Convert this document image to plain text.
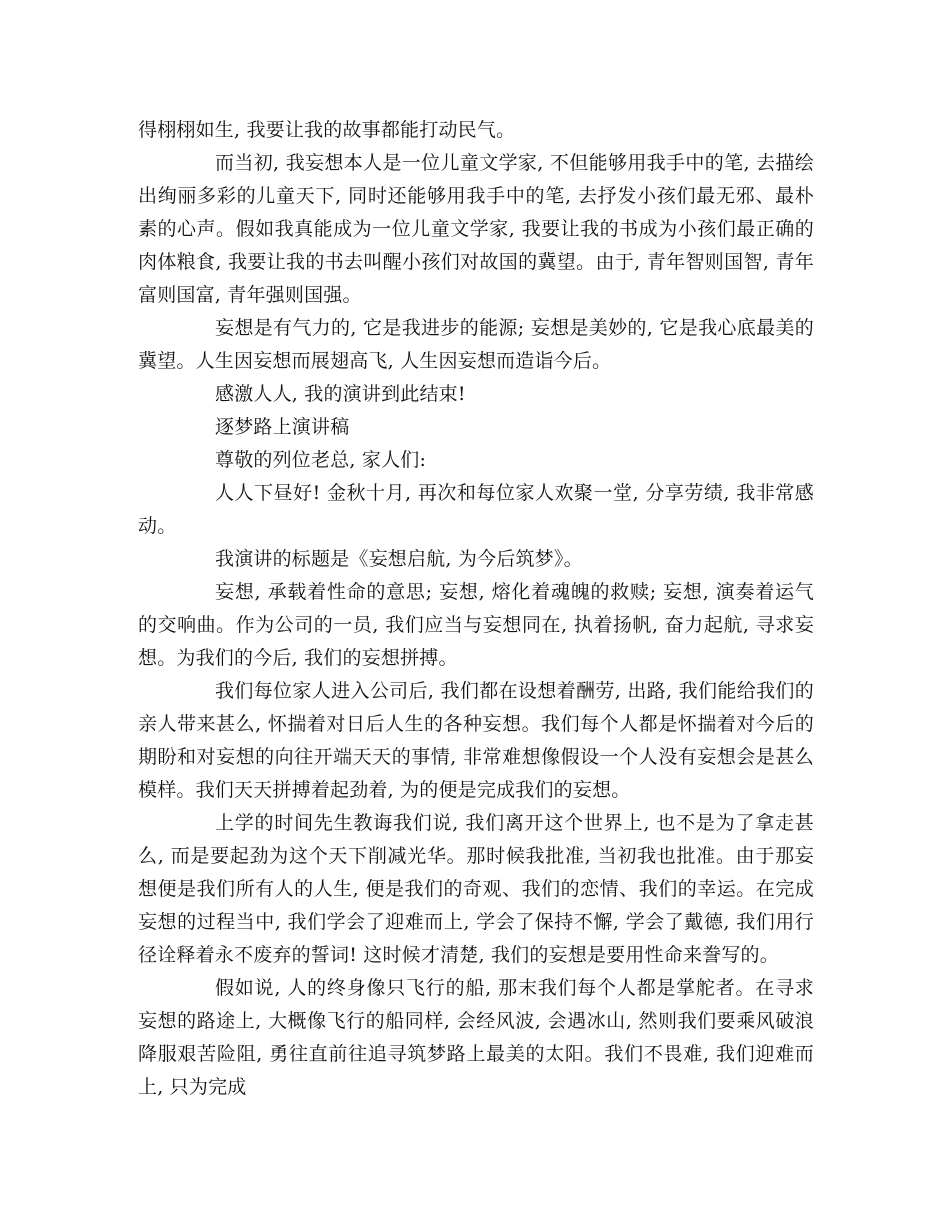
得栩栩如生, 我要让我的故事都能打动民气。

而当初, 我妄想本人是一位儿童文学家, 不但能够用我手中的笔, 去描绘出绚丽多彩的儿童天下, 同时还能够用我手中的笔, 去抒发小孩们最无邪、最朴素的心声。假如我真能成为一位儿童文学家, 我要让我的书成为小孩们最正确的肉体粮食, 我要让我的书去叫醒小孩们对故国的冀望。由于, 青年智则国智, 青年富则国富, 青年强则国强。

妄想是有气力的, 它是我进步的能源; 妄想是美妙的, 它是我心底最美的冀望。人生因妄想而展翅高飞, 人生因妄想而造诣今后。

感激人人, 我的演讲到此结束!

逐梦路上演讲稿

尊敬的列位老总, 家人们:

人人下昼好! 金秋十月, 再次和每位家人欢聚一堂, 分享劳绩, 我非常感动。

我演讲的标题是《妄想启航, 为今后筑梦》。

妄想, 承载着性命的意思; 妄想, 熔化着魂魄的救赎; 妄想, 演奏着运气的交响曲。作为公司的一员, 我们应当与妄想同在, 执着扬帆, 奋力起航, 寻求妄想。为我们的今后, 我们的妄想拼搏。

我们每位家人进入公司后, 我们都在设想着酬劳, 出路, 我们能给我们的亲人带来甚么, 怀揣着对日后人生的各种妄想。我们每个人都是怀揣着对今后的期盼和对妄想的向往开端天天的事情, 非常难想像假设一个人没有妄想会是甚么模样。我们天天拼搏着起劲着, 为的便是完成我们的妄想。

上学的时间先生教诲我们说, 我们离开这个世界上, 也不是为了拿走甚么, 而是要起劲为这个天下削减光华。那时候我批准, 当初我也批准。由于那妄想便是我们所有人的人生, 便是我们的奇观、我们的恋情、我们的幸运。在完成妄想的过程当中, 我们学会了迎难而上, 学会了保持不懈, 学会了戴德, 我们用行径诠释着永不废弃的誓词! 这时候才清楚, 我们的妄想是要用性命来誊写的。

假如说, 人的终身像只飞行的船, 那末我们每个人都是掌舵者。在寻求妄想的路途上, 大概像飞行的船同样, 会经风波, 会遇冰山, 然则我们要乘风破浪降服艰苦险阻, 勇往直前往追寻筑梦路上最美的太阳。我们不畏难, 我们迎难而上, 只为完成
